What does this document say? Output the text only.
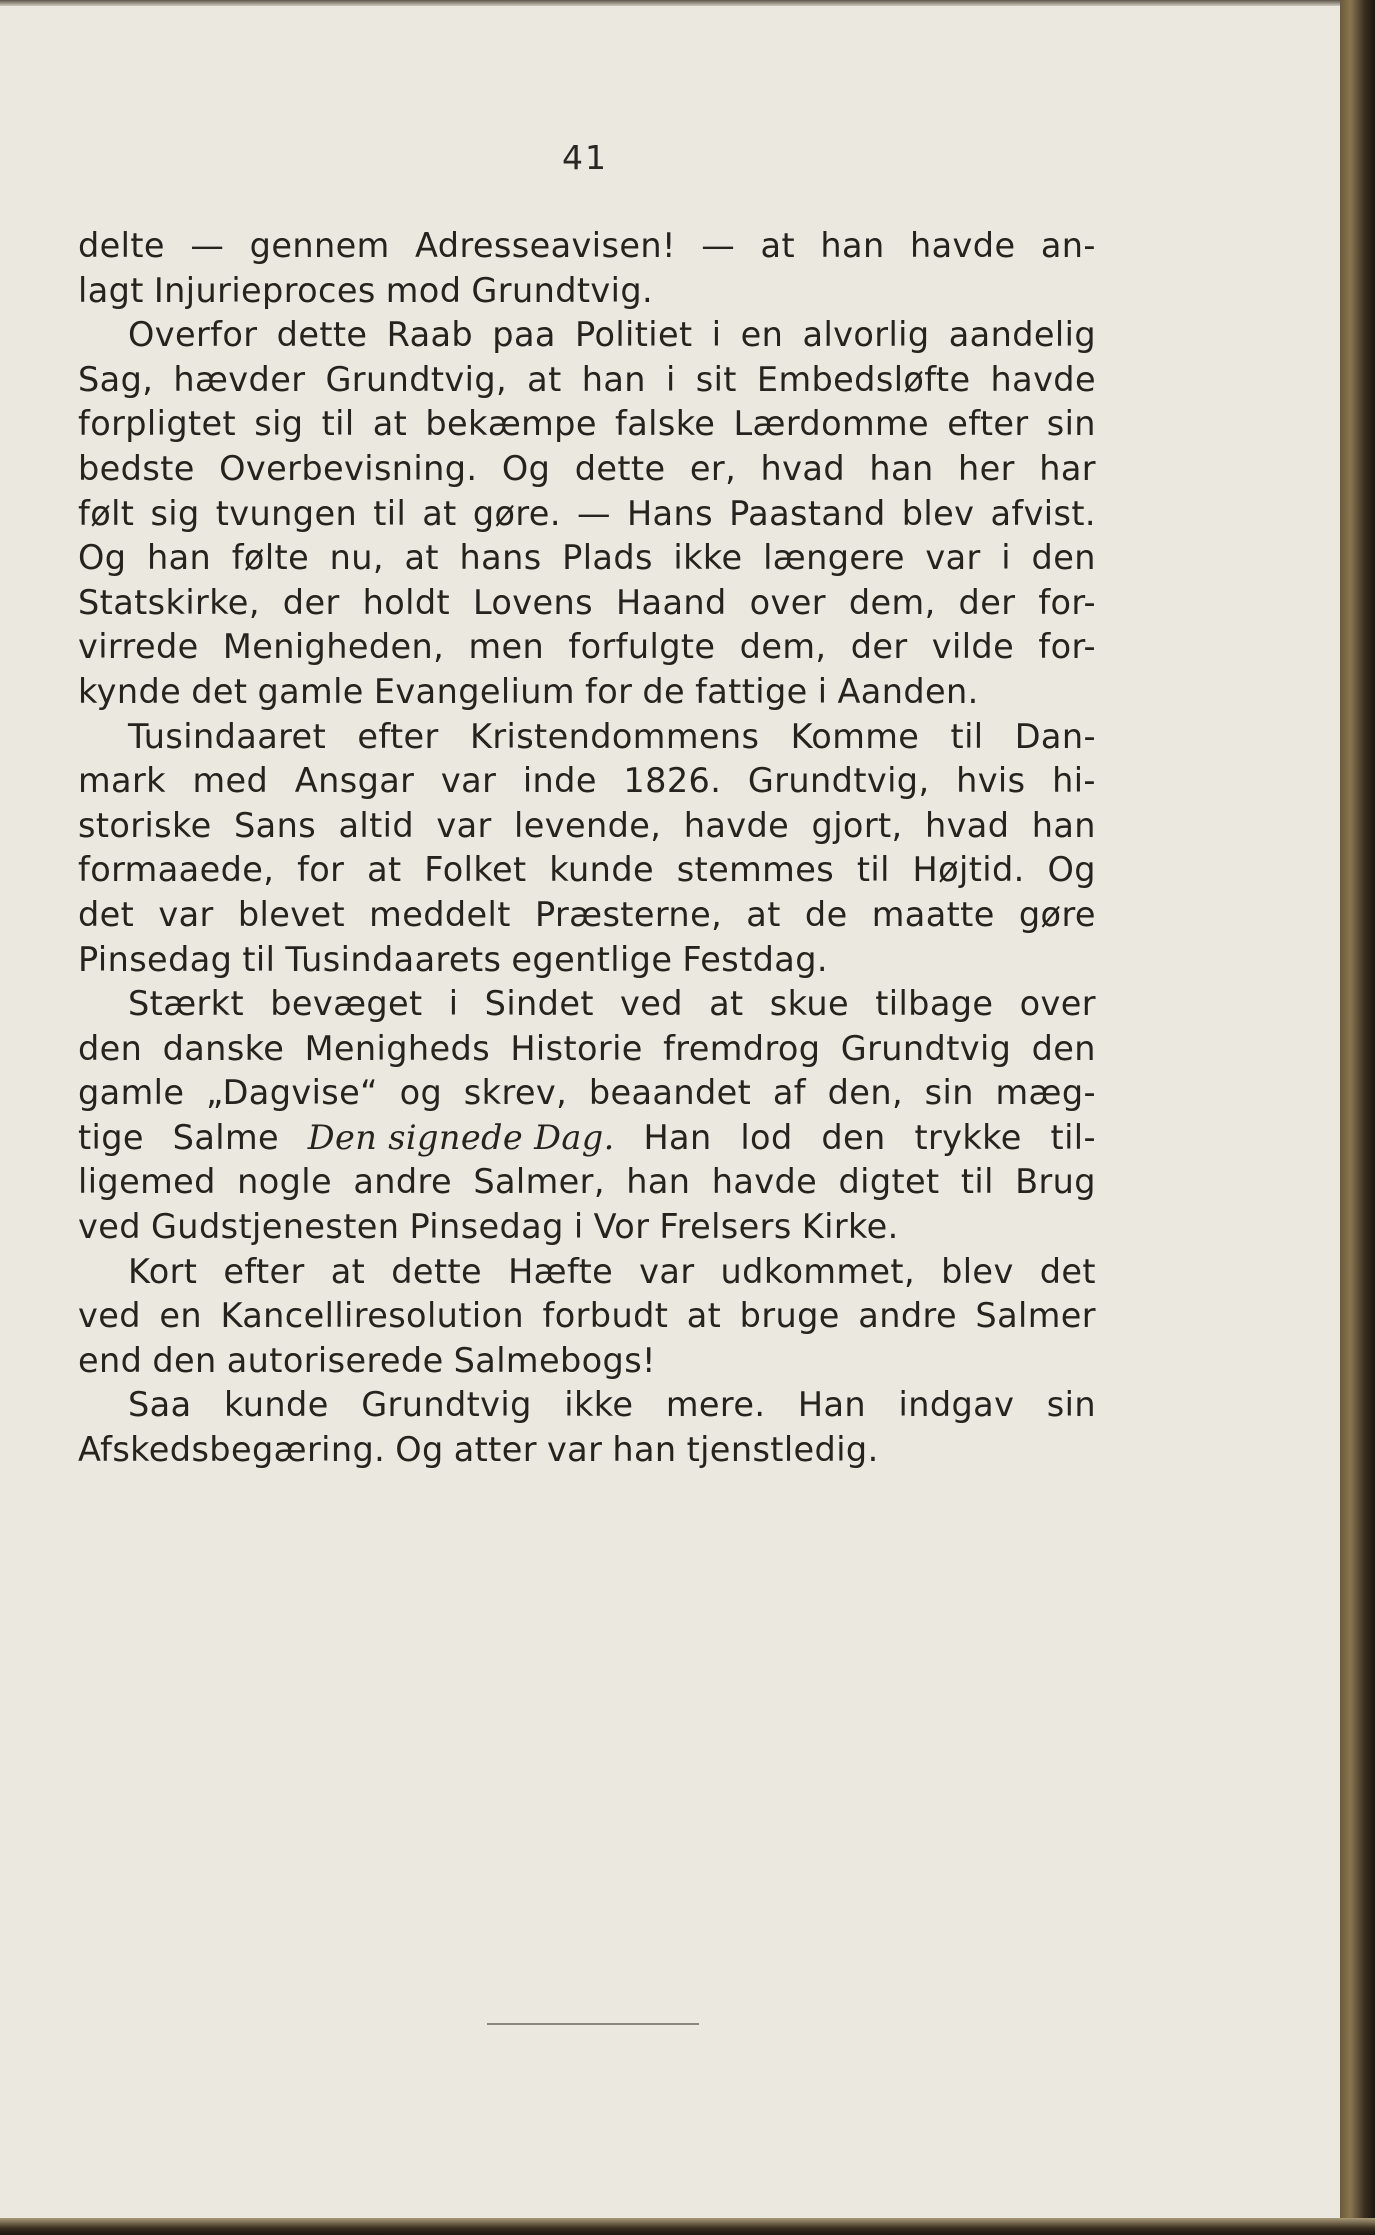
41
delte — gennem Adresseavisen! — at han havde an-
lagt Injurieproces mod Grundtvig.
Overfor dette Raab paa Politiet i en alvorlig aandelig
Sag, hævder Grundtvig, at han i sit Embedsløfte havde
forpligtet sig til at bekæmpe falske Lærdomme efter sin
bedste Overbevisning. Og dette er, hvad han her har
følt sig tvungen til at gøre. — Hans Paastand blev afvist.
Og han følte nu, at hans Plads ikke længere var i den
Statskirke, der holdt Lovens Haand over dem, der for-
virrede Menigheden, men forfulgte dem, der vilde for-
kynde det gamle Evangelium for de fattige i Aanden.
Tusindaaret efter Kristendommens Komme til Dan-
mark med Ansgar var inde 1826. Grundtvig, hvis hi-
storiske Sans altid var levende, havde gjort, hvad han
formaaede, for at Folket kunde stemmes til Højtid. Og
det var blevet meddelt Præsterne, at de maatte gøre
Pinsedag til Tusindaarets egentlige Festdag.
Stærkt bevæget i Sindet ved at skue tilbage over
den danske Menigheds Historie fremdrog Grundtvig den
gamle „Dagvise“ og skrev, beaandet af den, sin mæg-
tige Salme Den signede Dag. Han lod den trykke til-
ligemed nogle andre Salmer, han havde digtet til Brug
ved Gudstjenesten Pinsedag i Vor Frelsers Kirke.
Kort efter at dette Hæfte var udkommet, blev det
ved en Kancelliresolution forbudt at bruge andre Salmer
end den autoriserede Salmebogs!
Saa kunde Grundtvig ikke mere. Han indgav sin
Afskedsbegæring. Og atter var han tjenstledig.
